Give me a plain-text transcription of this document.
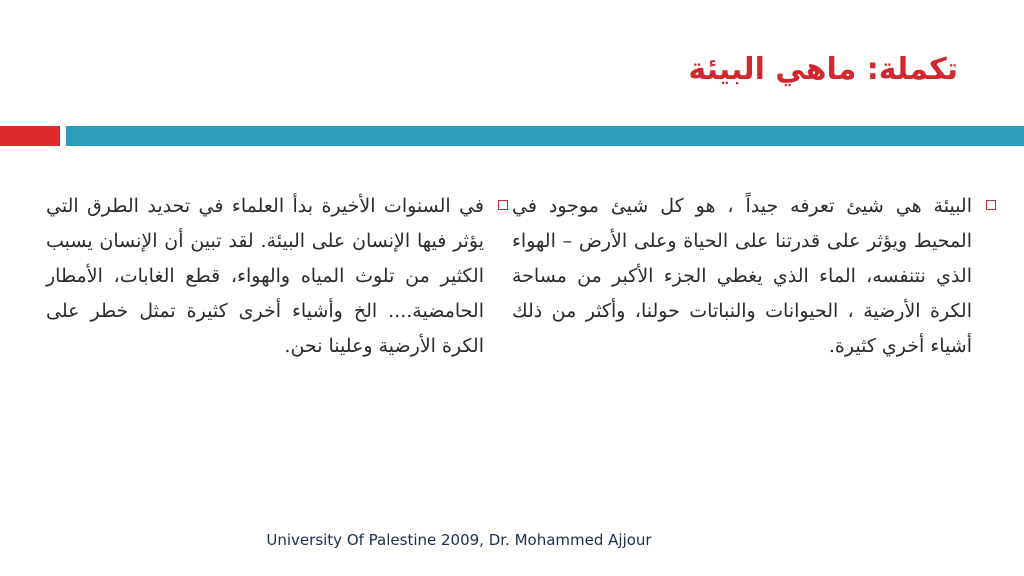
تكملة: ماهي البيئة

البيئة هي شيئ تعرفه جيداً ، هو كل شيئ موجود في المحيط ويؤثر على قدرتنا على الحياة وعلى الأرض – الهواء الذي نتنفسه، الماء الذي يغطي الجزء الأكبر من مساحة الكرة الأرضية ، الحيوانات والنباتات حولنا، وأكثر من ذلك أشياء أخري كثيرة.

في السنوات الأخيرة بدأ العلماء في تحديد الطرق التي يؤثر فيها الإنسان على البيئة. لقد تبين أن الإنسان يسبب الكثير من تلوث المياه والهواء، قطع الغابات، الأمطار الحامضية.... الخ وأشياء أخرى كثيرة تمثل خطر على الكرة الأرضية وعلينا نحن.

University Of Palestine 2009, Dr. Mohammed Ajjour
